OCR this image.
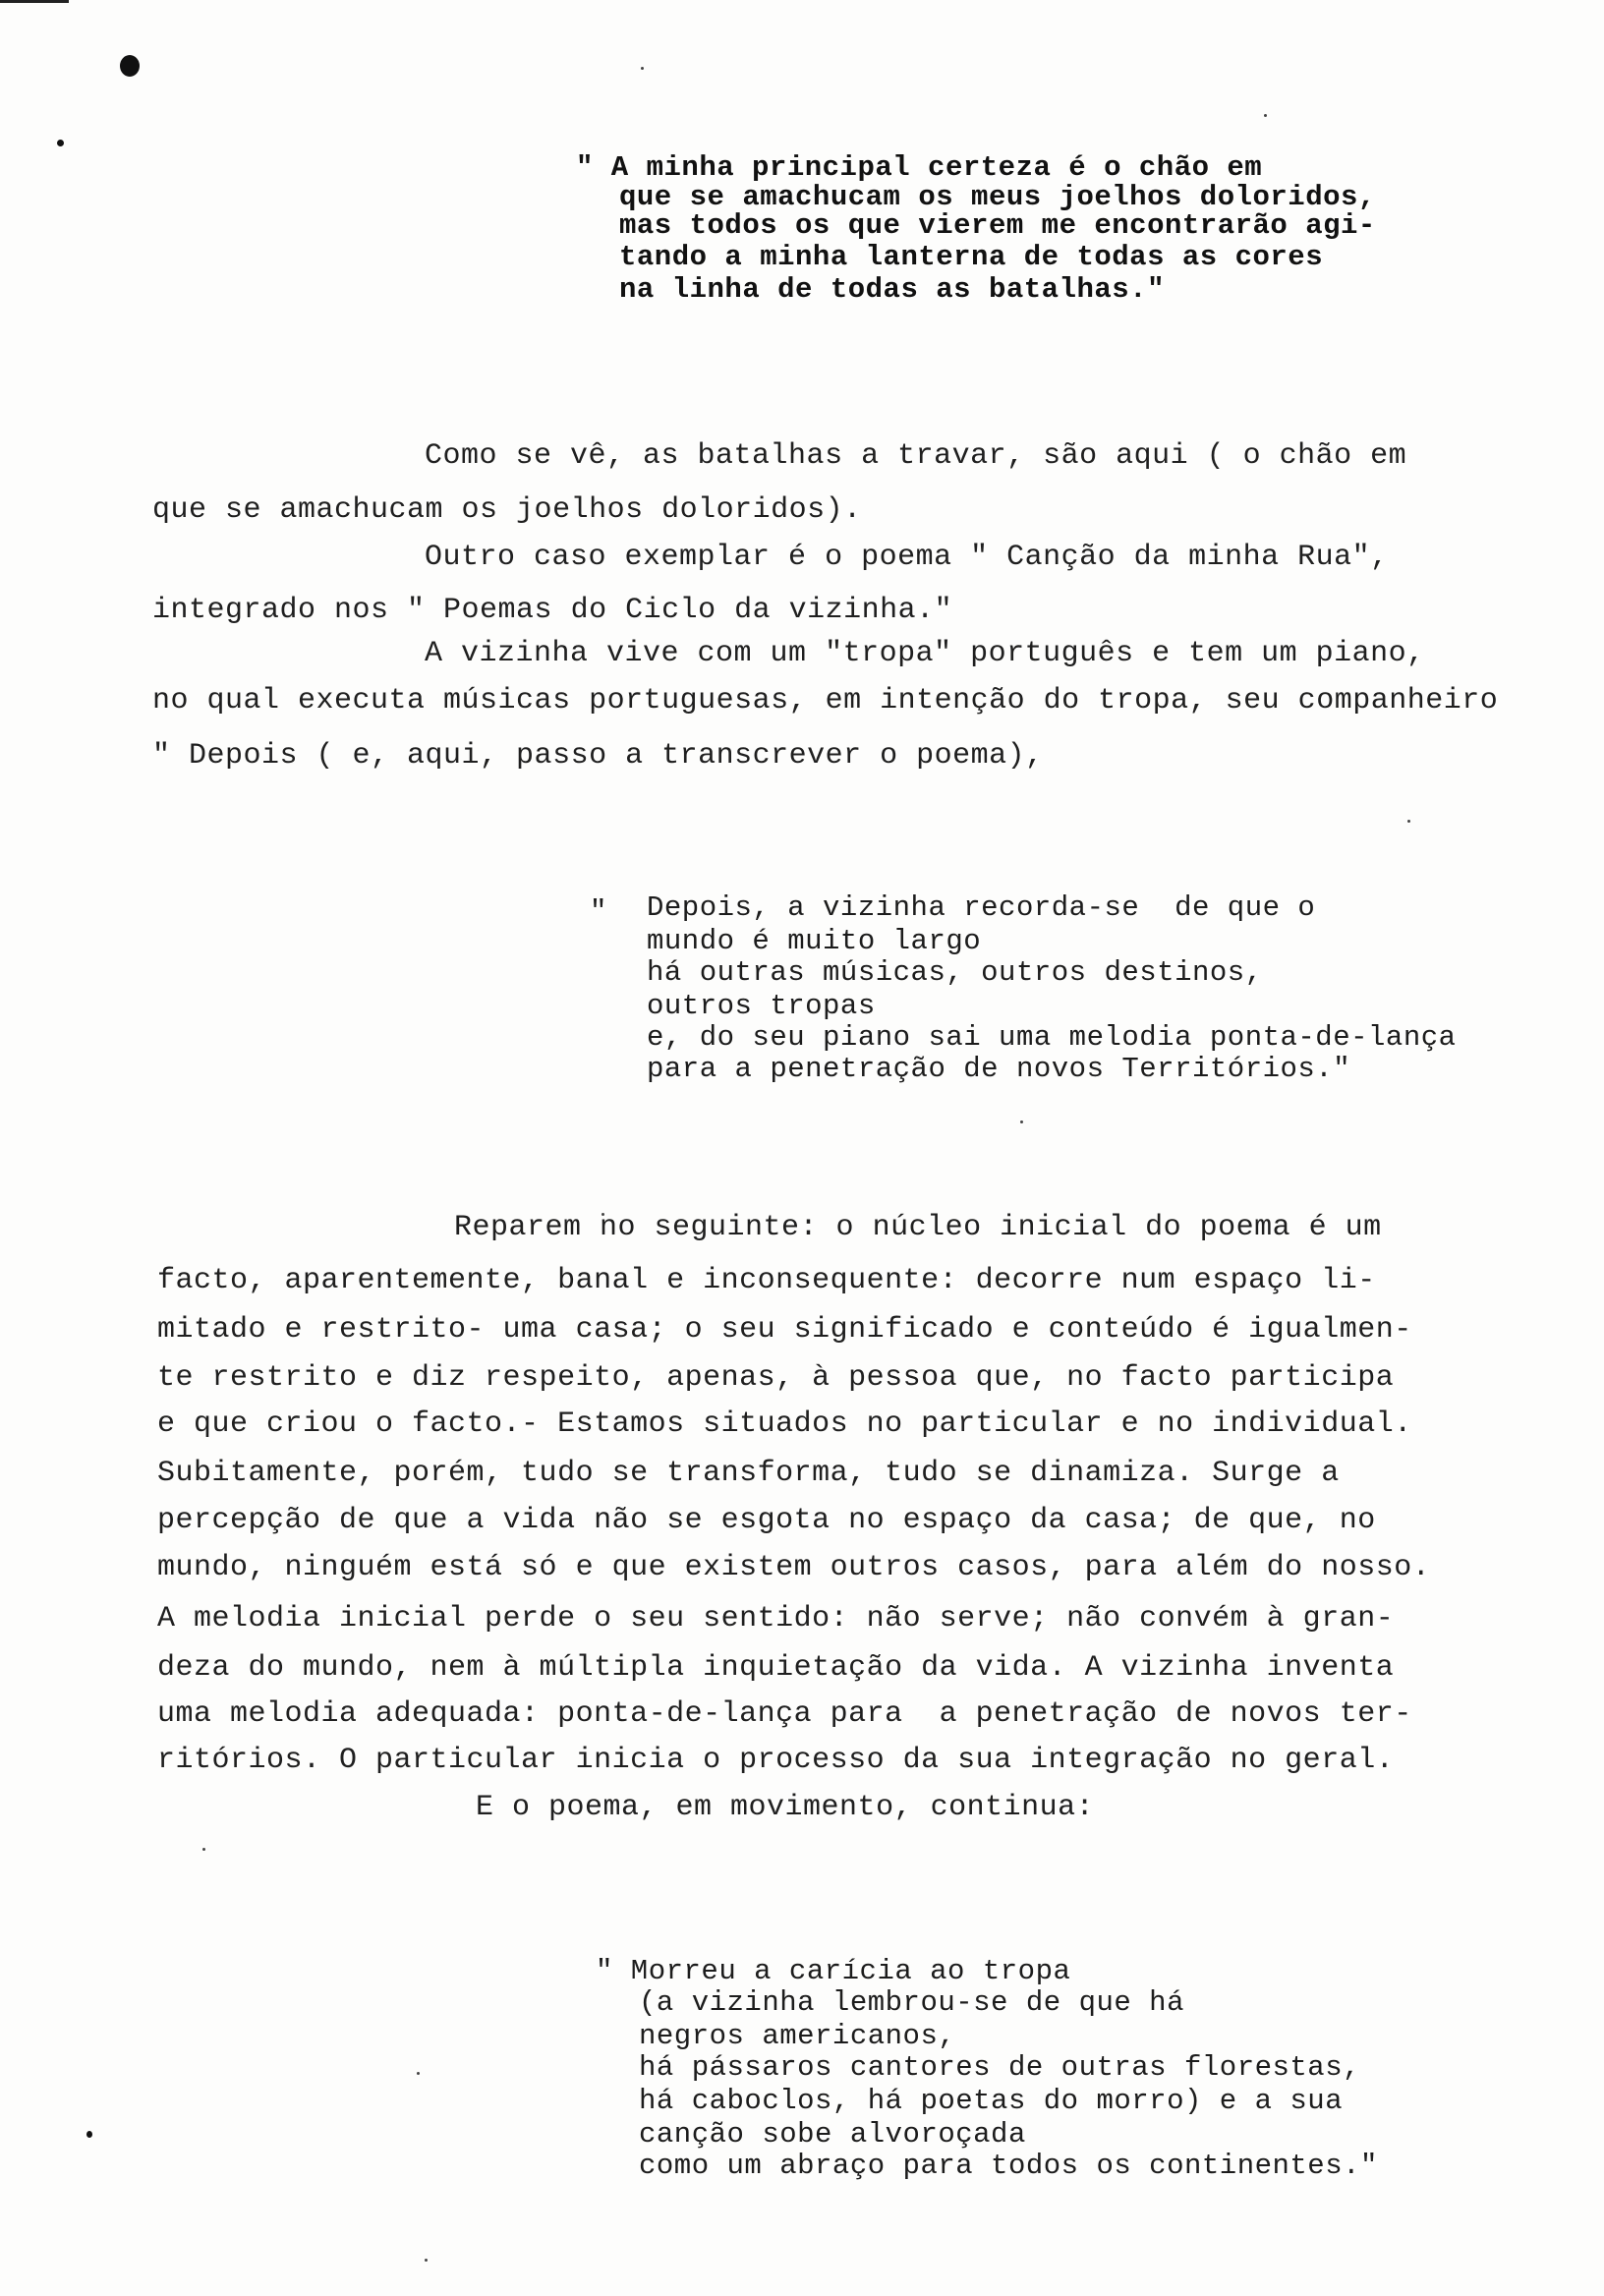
" A minha principal certeza é o chão em

que se amachucam os meus joelhos doloridos,

mas todos os que vierem me encontrarão agi-

tando a minha lanterna de todas as cores

na linha de todas as batalhas."

Como se vê, as batalhas a travar, são aqui ( o chão em

que se amachucam os joelhos doloridos).

Outro caso exemplar é o poema " Canção da minha Rua",

integrado nos " Poemas do Ciclo da vizinha."

A vizinha vive com um "tropa" português e tem um piano,

no qual executa músicas portuguesas, em intenção do tropa, seu companheiro

" Depois ( e, aqui, passo a transcrever o poema),

" Depois, a vizinha recorda-se  de que o

mundo é muito largo

há outras músicas, outros destinos,

outros tropas

e, do seu piano sai uma melodia ponta-de-lança

para a penetração de novos Territórios."

Reparem no seguinte: o núcleo inicial do poema é um

facto, aparentemente, banal e inconsequente: decorre num espaço li-

mitado e restrito- uma casa; o seu significado e conteúdo é igualmen-

te restrito e diz respeito, apenas, à pessoa que, no facto participa

e que criou o facto.- Estamos situados no particular e no individual.

Subitamente, porém, tudo se transforma, tudo se dinamiza. Surge a

percepção de que a vida não se esgota no espaço da casa; de que, no

mundo, ninguém está só e que existem outros casos, para além do nosso.

A melodia inicial perde o seu sentido: não serve; não convém à gran-

deza do mundo, nem à múltipla inquietação da vida. A vizinha inventa

uma melodia adequada: ponta-de-lança para  a penetração de novos ter-

ritórios. O particular inicia o processo da sua integração no geral.

E o poema, em movimento, continua:

" Morreu a carícia ao tropa

(a vizinha lembrou-se de que há

negros americanos,

há pássaros cantores de outras florestas,

há caboclos, há poetas do morro) e a sua

canção sobe alvoroçada

como um abraço para todos os continentes."
